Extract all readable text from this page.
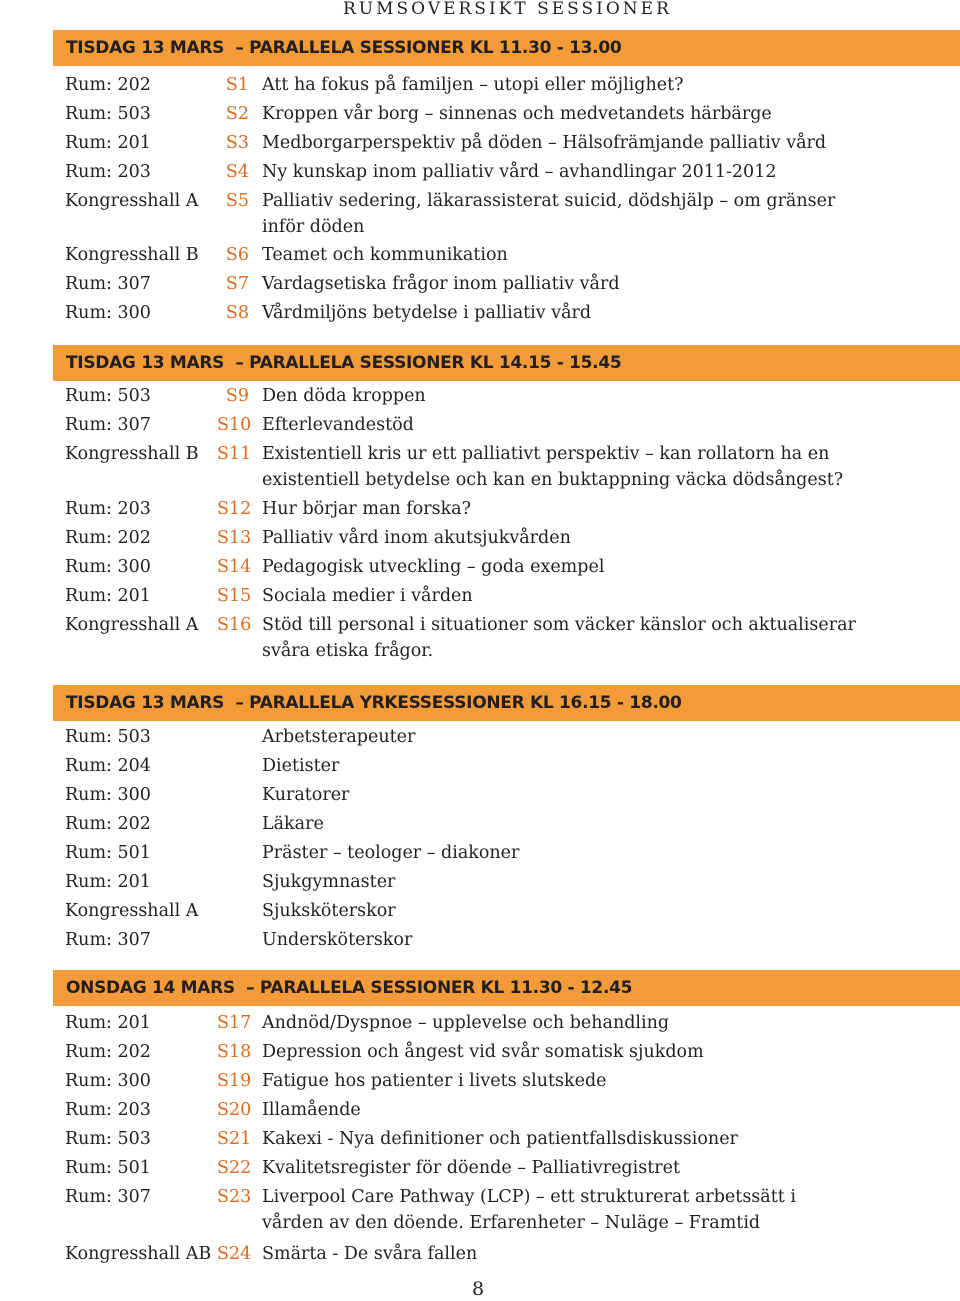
RUMSÖVERSIKT SESSIONER
TISDAG 13 MARS  – PARALLELA SESSIONER KL 11.30 - 13.00
Rum: 202	S1 Att ha fokus på familjen – utopi eller möjlighet?
Rum: 503	S2 Kroppen vår borg – sinnenas och medvetandets härbärge
Rum: 201	S3 Medborgarperspektiv på döden – Hälsofrämjande palliativ vård
Rum: 203	S4 Ny kunskap inom palliativ vård – avhandlingar 2011-2012
Kongresshall A	S5 Palliativ sedering, läkarassisterat suicid, dödshjälp – om gränser inför döden
Kongresshall B	S6 Teamet och kommunikation
Rum: 307	S7 Vardagsetiska frågor inom palliativ vård
Rum: 300	S8 Vårdmiljöns betydelse i palliativ vård
TISDAG 13 MARS  – PARALLELA SESSIONER KL 14.15 - 15.45
Rum: 503	S9 Den döda kroppen
Rum: 307	S10 Efterlevandestöd
Kongresshall B S11 Existentiell kris ur ett palliativt perspektiv – kan rollatorn ha en existentiell betydelse och kan en buktappning väcka dödsångest?
Rum: 203	S12 Hur börjar man forska?
Rum: 202	S13 Palliativ vård inom akutsjukvården
Rum: 300	S14 Pedagogisk utveckling – goda exempel
Rum: 201	S15 Sociala medier i vården
Kongresshall A S16 Stöd till personal i situationer som väcker känslor och aktualiserar svåra etiska frågor.
TISDAG 13 MARS  – PARALLELA YRKESSESSIONER KL 16.15 - 18.00
Rum: 503	Arbetsterapeuter
Rum: 204	Dietister
Rum: 300	Kuratorer
Rum: 202	Läkare
Rum: 501	Präster – teologer – diakoner
Rum: 201	Sjukgymnaster
Kongresshall A	Sjuksköterskor
Rum: 307	Undersköterskor
ONSDAG 14 MARS  – PARALLELA SESSIONER KL 11.30 - 12.45
Rum: 201	S17 Andnöd/Dyspnoe – upplevelse och behandling
Rum: 202	S18 Depression och ångest vid svår somatisk sjukdom
Rum: 300	S19 Fatigue hos patienter i livets slutskede
Rum: 203	S20 Illamående
Rum: 503	S21 Kakexi - Nya definitioner och patientfallsdiskussioner
Rum: 501	S22 Kvalitetsregister för döende – Palliativregistret
Rum: 307	S23 Liverpool Care Pathway (LCP) – ett strukturerat arbetssätt i vården av den döende. Erfarenheter – Nuläge – Framtid
Kongresshall AB S24 Smärta - De svåra fallen
8
